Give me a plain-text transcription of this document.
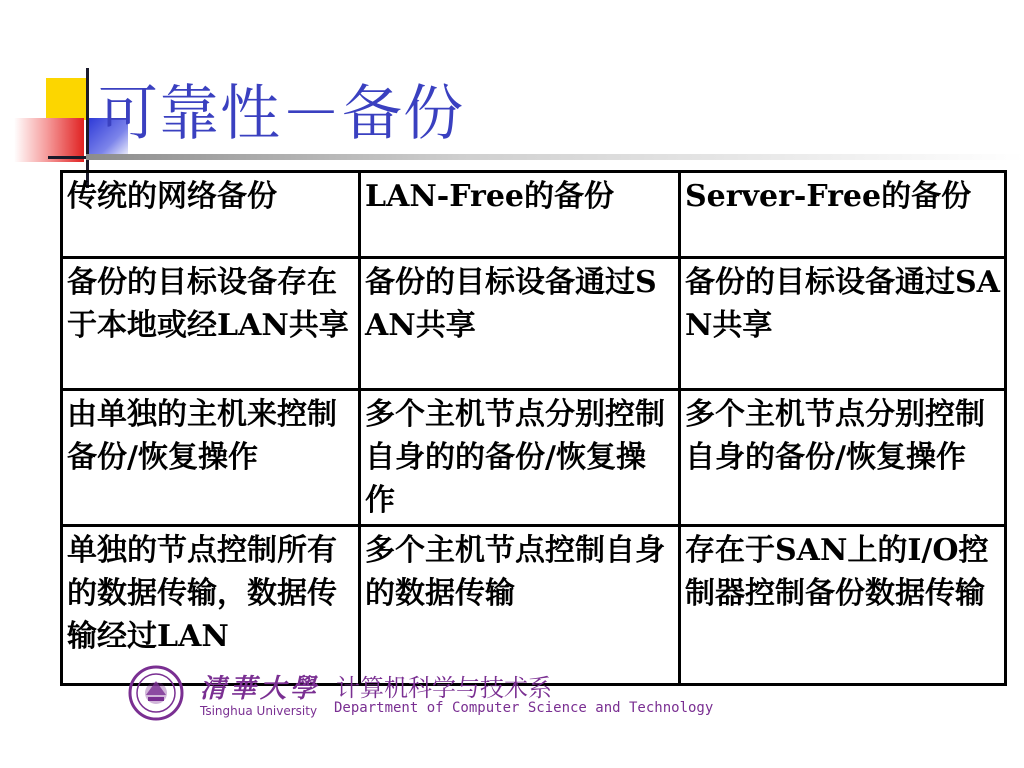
可靠性－备份
传统的网络备份	LAN-Free的备份	Server-Free的备份
备份的目标设备存在于本地或经LAN共享	备份的目标设备通过SAN共享	备份的目标设备通过SAN共享
由单独的主机来控制备份/恢复操作	多个主机节点分别控制自身的的备份/恢复操作	多个主机节点分别控制自身的备份/恢复操作
单独的节点控制所有的数据传输，数据传输经过LAN	多个主机节点控制自身的数据传输	存在于SAN上的I/O控制器控制备份数据传输
清華大學
Tsinghua University
计算机科学与技术系
Department of Computer Science and Technology
